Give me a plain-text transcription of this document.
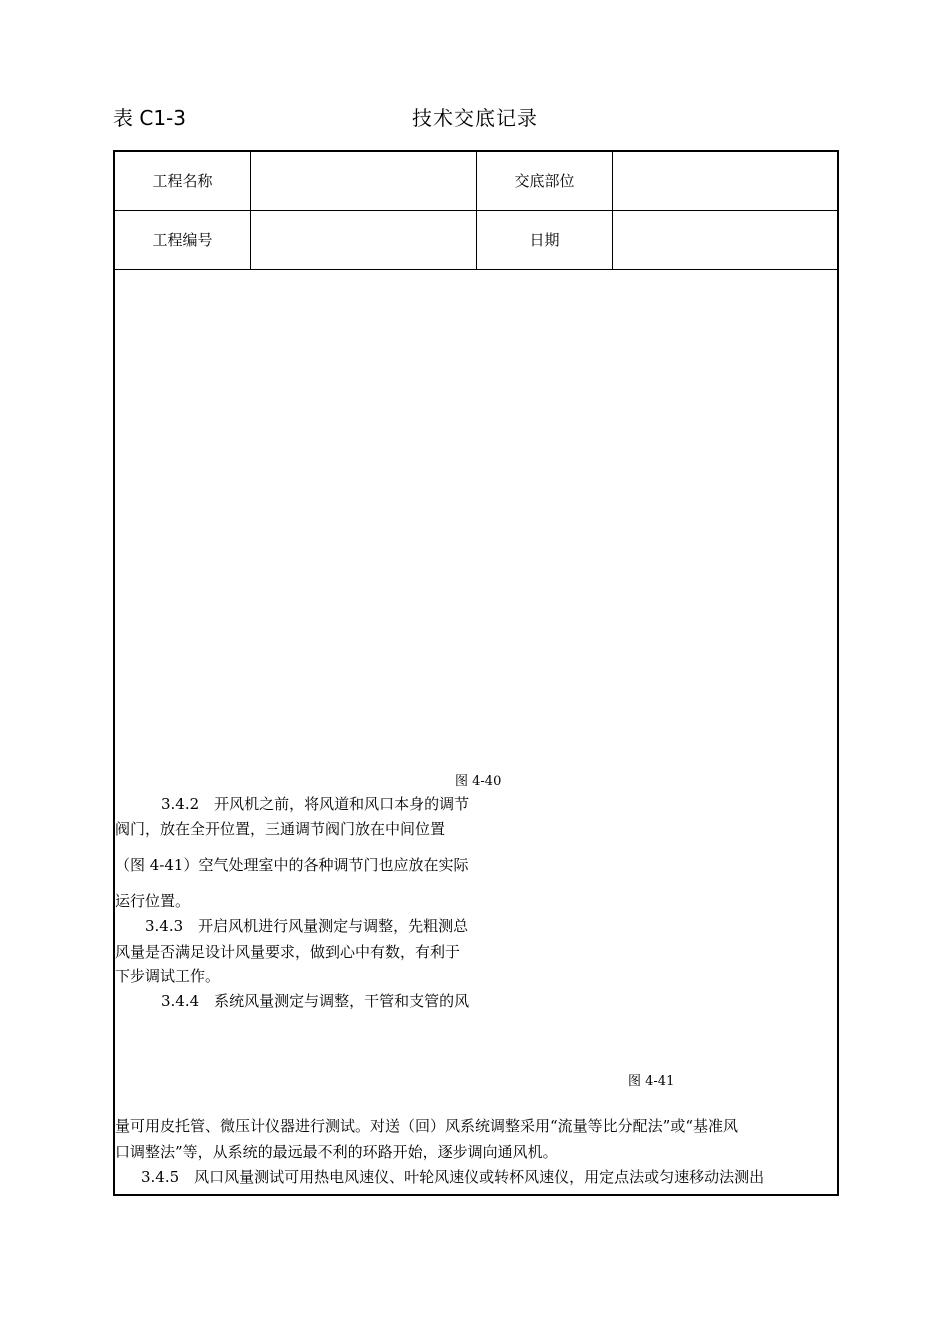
表 C1-3	技术交底记录
工程名称	交底部位
工程编号	日期
图 4-40
3.4.2　开风机之前，将风道和风口本身的调节
阀门，放在全开位置，三通调节阀门放在中间位置
（图 4-41）空气处理室中的各种调节门也应放在实际
运行位置。
3.4.3　开启风机进行风量测定与调整，先粗测总
风量是否满足设计风量要求，做到心中有数，有利于
下步调试工作。
3.4.4　系统风量测定与调整，干管和支管的风
图 4-41
量可用皮托管、微压计仪器进行测试。对送（回）风系统调整采用“流量等比分配法”或“基准风
口调整法”等，从系统的最远最不利的环路开始，逐步调向通风机。
3.4.5　风口风量测试可用热电风速仪、叶轮风速仪或转杯风速仪，用定点法或匀速移动法测出
